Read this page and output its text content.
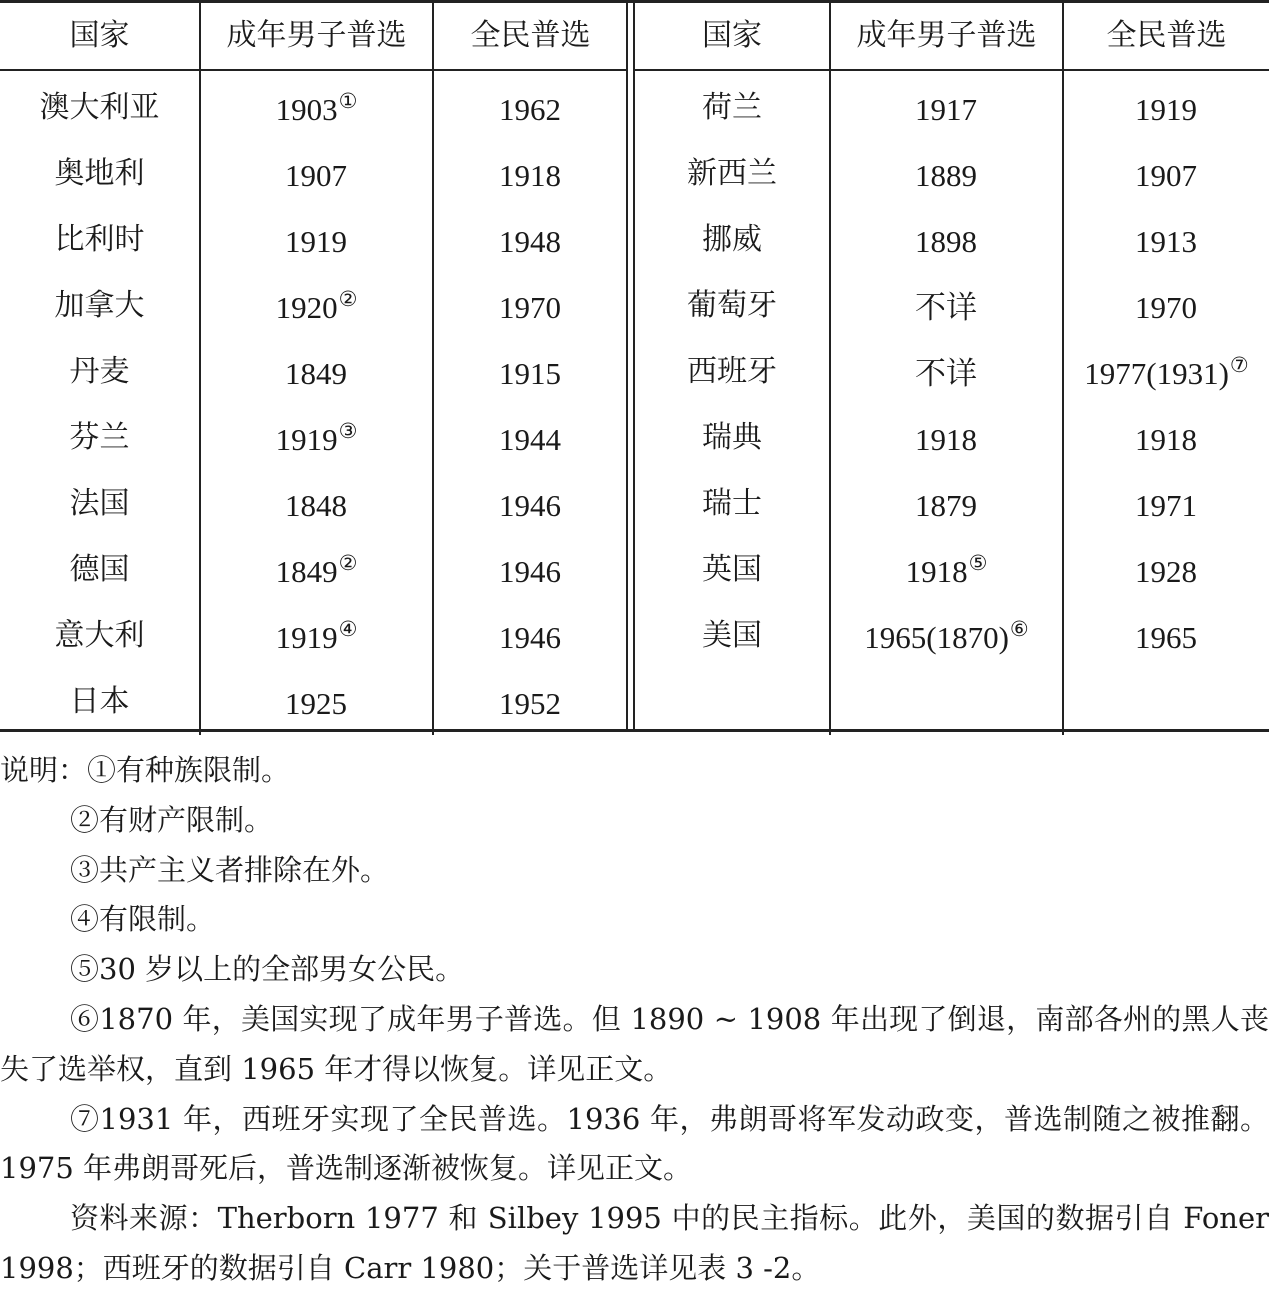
国家	成年男子普选	全民普选
澳大利亚	1903①	1962
奥地利	1907	1918
比利时	1919	1948
加拿大	1920②	1970
丹麦	1849	1915
芬兰	1919③	1944
法国	1848	1946
德国	1849②	1946
意大利	1919④	1946
日本	1925	1952
国家	成年男子普选	全民普选
荷兰	1917	1919
新西兰	1889	1907
挪威	1898	1913
葡萄牙	不详	1970
西班牙	不详	1977(1931)⑦
瑞典	1918	1918
瑞士	1879	1971
英国	1918⑤	1928
美国	1965(1870)⑥	1965

说明：①有种族限制。

②有财产限制。

③共产主义者排除在外。

④有限制。

⑤30 岁以上的全部男女公民。

⑥1870 年，美国实现了成年男子普选。但 1890 ~ 1908 年出现了倒退，南部各州的黑人丧失了选举权，直到 1965 年才得以恢复。详见正文。

⑦1931 年，西班牙实现了全民普选。1936 年，弗朗哥将军发动政变，普选制随之被推翻。1975 年弗朗哥死后，普选制逐渐被恢复。详见正文。

资料来源：Therborn 1977 和 Silbey 1995 中的民主指标。此外，美国的数据引自 Foner 1998；西班牙的数据引自 Carr 1980；关于普选详见表 3 -2。
